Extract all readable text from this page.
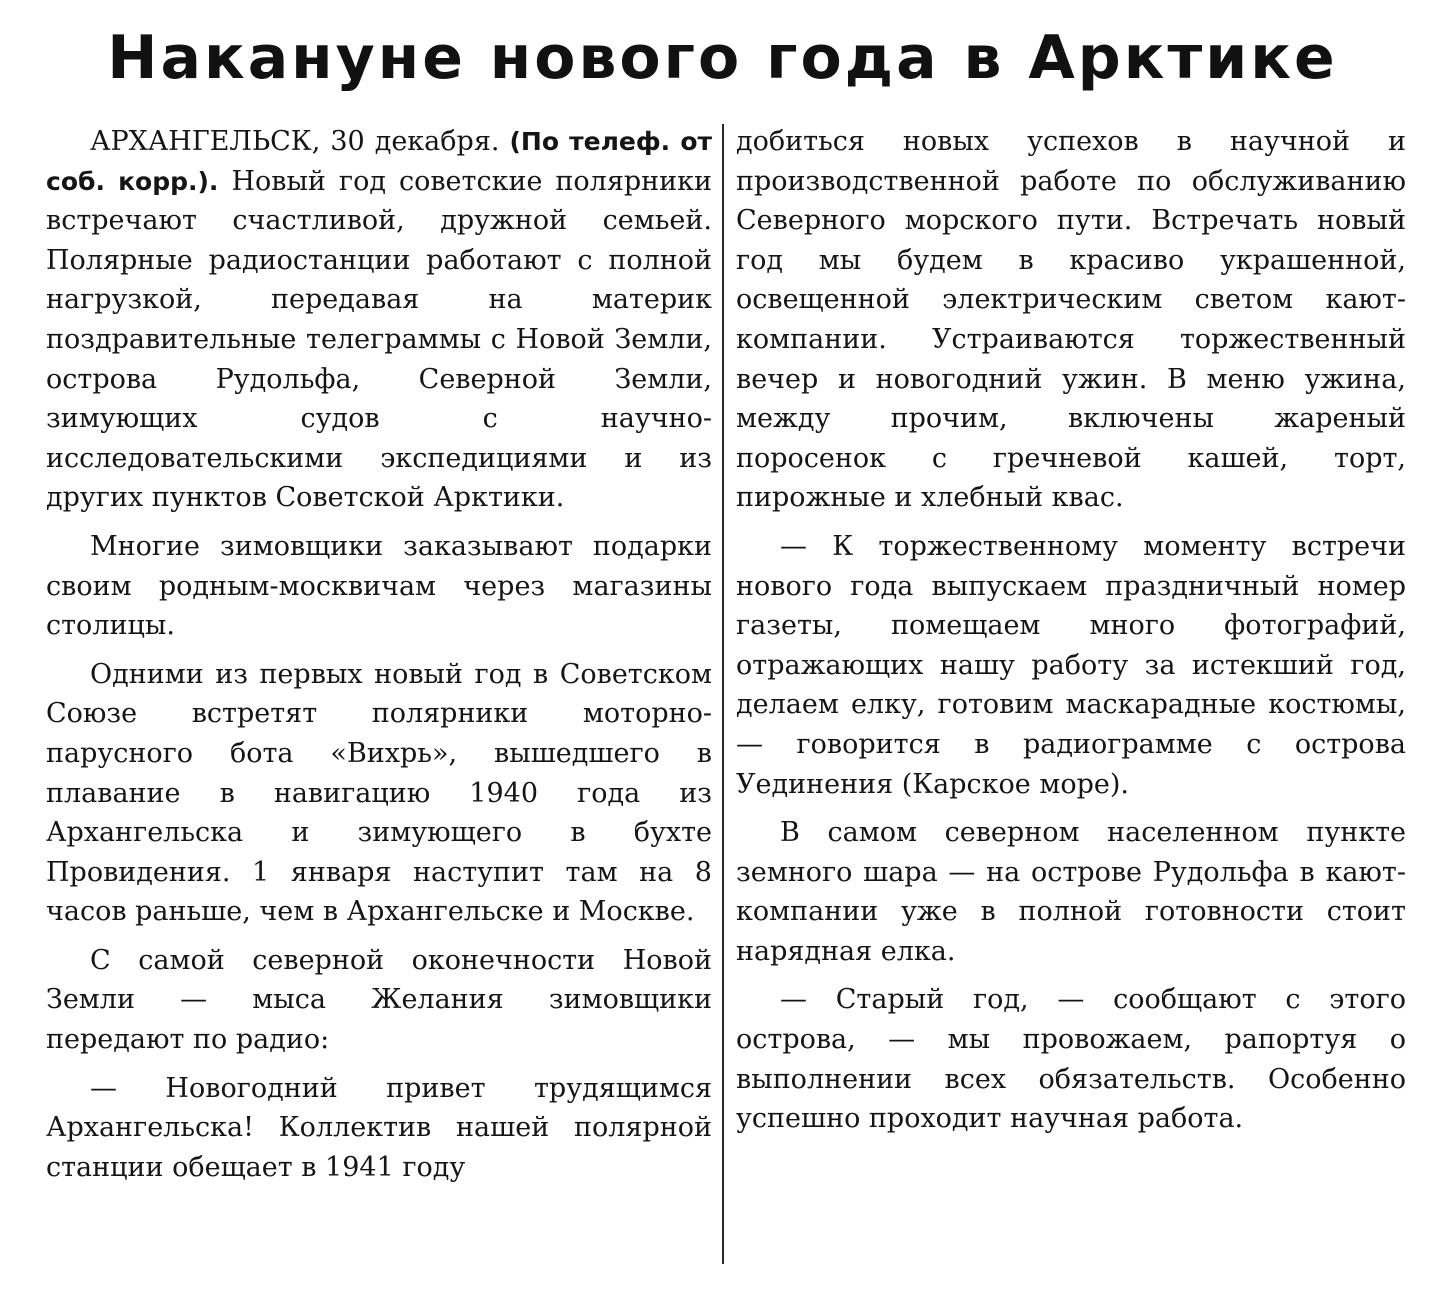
Накануне нового года в Арктике

АРХАНГЕЛЬСК, 30 декабря. (По телеф. от соб. корр.). Новый год советские полярники встречают счастливой, дружной семьей. Полярные радиостанции работают с полной нагрузкой, передавая на материк поздравительные телеграммы с Новой Земли, острова Рудольфа, Северной Земли, зимующих судов с научно-исследовательскими экспедициями и из других пунктов Советской Арктики.

Многие зимовщики заказывают подарки своим родным-москвичам через магазины столицы.

Одними из первых новый год в Советском Союзе встретят полярники моторно-парусного бота «Вихрь», вышедшего в плавание в навигацию 1940 года из Архангельска и зимующего в бухте Провидения. 1 января наступит там на 8 часов раньше, чем в Архангельске и Москве.

С самой северной оконечности Новой Земли — мыса Желания зимовщики передают по радио:

— Новогодний привет трудящимся Архангельска! Коллектив нашей полярной станции обещает в 1941 году

добиться новых успехов в научной и производственной работе по обслуживанию Северного морского пути. Встречать новый год мы будем в красиво украшенной, освещенной электрическим светом кают-компании. Устраиваются торжественный вечер и новогодний ужин. В меню ужина, между прочим, включены жареный поросенок с гречневой кашей, торт, пирожные и хлебный квас.

— К торжественному моменту встречи нового года выпускаем праздничный номер газеты, помещаем много фотографий, отражающих нашу работу за истекший год, делаем елку, готовим маскарадные костюмы, — говорится в радиограмме с острова Уединения (Карское море).

В самом северном населенном пункте земного шара — на острове Рудольфа в кают-компании уже в полной готовности стоит нарядная елка.

— Старый год, — сообщают с этого острова, — мы провожаем, рапортуя о выполнении всех обязательств. Особенно успешно проходит научная работа.
